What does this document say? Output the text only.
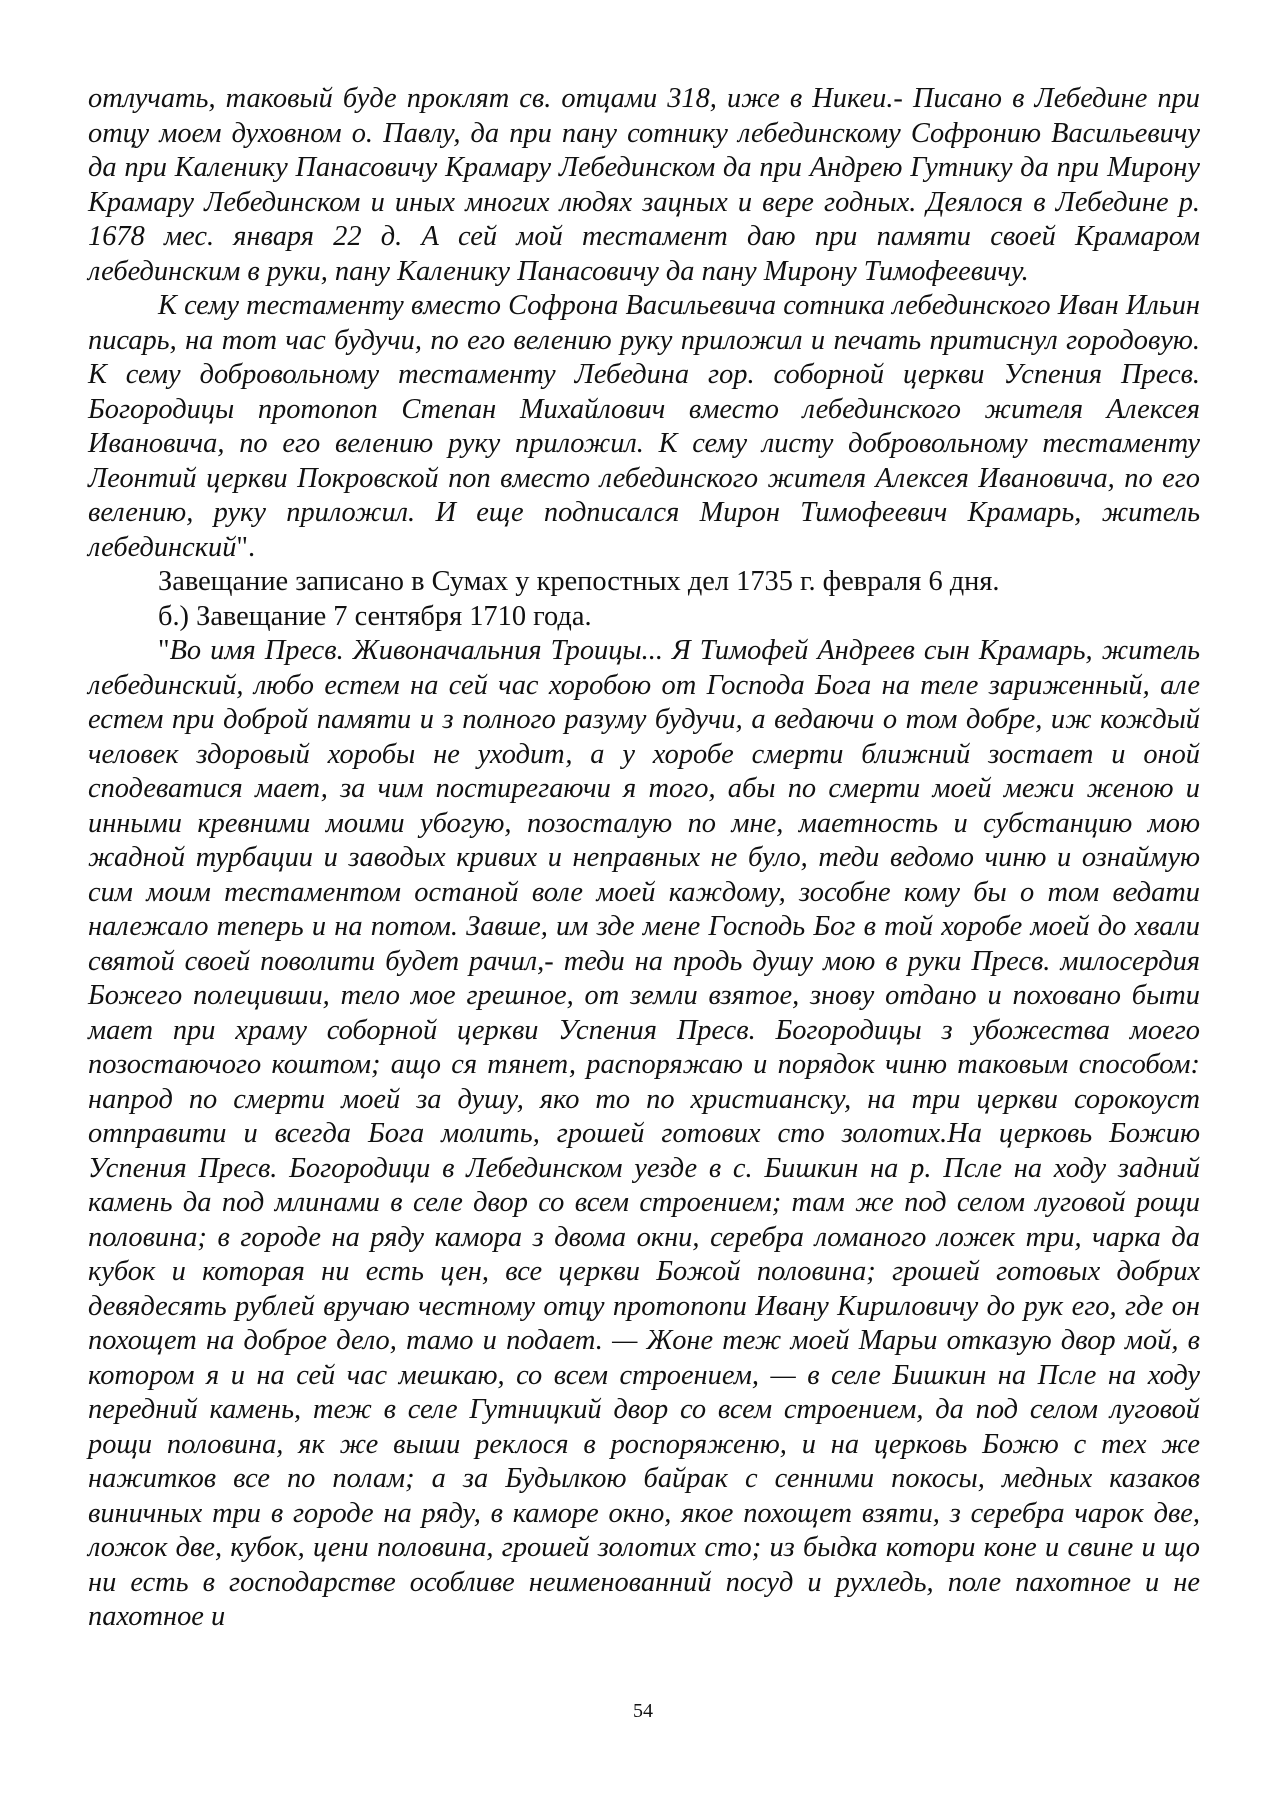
отлучать, таковый буде проклят св. отцами 318, иже в Никеи.- Писано в Лебедине при отцу моем духовном о. Павлу, да при пану сотнику лебединскому Софронию Васильевичу да при Каленику Панасовичу Крамару Лебединском да при Андрею Гутнику да при Мирону Крамару Лебединском и иных многих людях зацных и вере годных. Деялося в Лебедине р. 1678 мес. января 22 д. А сей мой тестамент даю при памяти своей Крамаром лебединским в руки, пану Каленику Панасовичу да пану Мирону Тимофеевичу.

К сему тестаменту вместо Софрона Васильевича сотника лебединского Иван Ильин писарь, на тот час будучи, по его велению руку приложил и печать притиснул городовую. К сему добровольному тестаменту Лебедина гор. соборной церкви Успения Пресв. Богородицы протопоп Степан Михайлович вместо лебединского жителя Алексея Ивановича, по его велению руку приложил. К сему листу добровольному тестаменту Леонтий церкви Покровской поп вместо лебединского жителя Алексея Ивановича, по его велению, руку приложил. И еще подписался Мирон Тимофеевич Крамарь, житель лебединский".

Завещание записано в Сумах у крепостных дел 1735 г. февраля 6 дня.

б.) Завещание 7 сентября 1710 года.

"Во имя Пресв. Живоначальния Троицы... Я Тимофей Андреев сын Крамарь, житель лебединский, любо естем на сей час хоробою от Господа Бога на теле зариженный, але естем при доброй памяти и з полного разуму будучи, а ведаючи о том добре, иж кождый человек здоровый хоробы не уходит, а у хоробе смерти ближний зостает и оной сподеватися мает, за чим постирегаючи я того, абы по смерти моей межи женою и инными кревними моими убогую, позосталую по мне, маетность и субстанцию мою жадной турбации и заводых кривих и неправных не було, теди ведомо чиню и ознаймую сим моим тестаментом останой воле моей каждому, зособне кому бы о том ведати належало теперь и на потом. Завше, им зде мене Господь Бог в той хоробе моей до хвали святой своей поволити будет рачил,- теди на продь душу мою в руки Пресв. милосердия Божего полецивши, тело мое грешное, от земли взятое, знову отдано и поховано быти мает при храму соборной церкви Успения Пресв. Богородицы з убожества моего позостаючого коштом; ащо ся тянет, распоряжаю и порядок чиню таковым способом: напрод по смерти моей за душу, яко то по христианску, на три церкви сорокоуст отправити и всегда Бога молить, грошей готових сто золотих.На церковь Божию Успения Пресв. Богородици в Лебединском уезде в с. Бишкин на р. Псле на ходу задний камень да под млинами в селе двор со всем строением; там же под селом луговой рощи половина; в городе на ряду камора з двома окни, серебра ломаного ложек три, чарка да кубок и которая ни есть цен, все церкви Божой половина; грошей готовых добрих девядесять рублей вручаю честному отцу протопопи Ивану Кириловичу до рук его, где он похощет на доброе дело, тамо и подает. — Жоне теж моей Марьи отказую двор мой, в котором я и на сей час мешкаю, со всем строением, — в селе Бишкин на Псле на ходу передний камень, теж в селе Гутницкий двор со всем строением, да под селом луговой рощи половина, як же выши реклося в роспоряженю, и на церковь Божю с тех же нажитков все по полам; а за Будылкою байрак с сенними покосы, медных казаков виничных три в городе на ряду, в каморе окно, якое похощет взяти, з серебра чарок две, ложок две, кубок, цени половина, грошей золотих сто; из быдка котори коне и свине и що ни есть в господарстве особливе неименованний посуд и рухледь, поле пахотное и не пахотное и

54
